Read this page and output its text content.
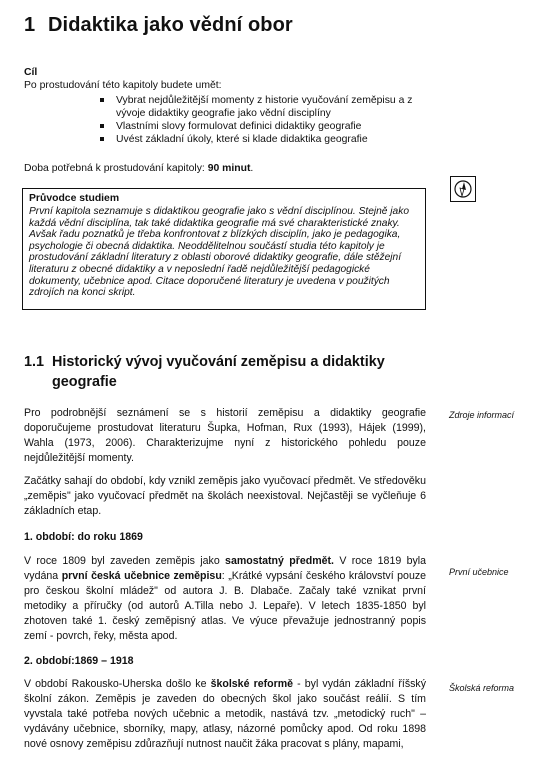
1 Didaktika jako vědní obor
Cíl
Po prostudování této kapitoly budete umět:
Vybrat nejdůležitější momenty z historie vyučování zeměpisu a z vývoje didaktiky geografie jako vědní disciplíny
Vlastními slovy formulovat definici didaktiky geografie
Uvést základní úkoly, které si klade didaktika geografie
Doba potřebná k prostudování kapitoly: 90 minut.
Průvodce studiem
První kapitola seznamuje s didaktikou geografie jako s vědní disciplínou. Stejně jako každá vědní disciplína, tak také didaktika geografie má své charakteristické znaky. Avšak řadu poznatků je třeba konfrontovat z blízkých disciplín, jako je pedagogika, psychologie či obecná didaktika. Neoddělitelnou součástí studia této kapitoly je prostudování základní literatury z oblasti oborové didaktiky geografie, dále stěžejní literaturu z obecné didaktiky a v neposlední řadě nejdůležitější pedagogické dokumenty, učebnice apod. Citace doporučené literatury je uvedena v použitých zdrojích na konci skript.
1.1 Historický vývoj vyučování zeměpisu a didaktiky geografie

Pro podrobnější seznámení se s historií zeměpisu a didaktiky geografie doporučujeme prostudovat literaturu Šupka, Hofman, Rux (1993), Hájek (1999), Wahla (1973, 2006). Charakterizujme nyní z historického pohledu pouze nejdůležitější momenty.

Zdroje informací

Začátky sahají do období, kdy vznikl zeměpis jako vyučovací předmět. Ve středověku „zeměpis" jako vyučovací předmět na školách neexistoval. Nejčastěji se vyčleňuje 6 základních etap.

1. období: do roku 1869

V roce 1809 byl zaveden zeměpis jako samostatný předmět. V roce 1819 byla vydána první česká učebnice zeměpisu: „Krátké vypsání českého království pouze pro českou školní mládež" od autora J. B. Dlabače. Začaly také vznikat první metodiky a příručky (od autorů A.Tilla nebo J. Lepaře). V letech 1835-1850 byl zhotoven také 1. český zeměpisný atlas. Ve výuce převažuje jednostranný popis zemí - povrch, řeky, města apod.

První učebnice
2. období:1869 – 1918

V období Rakousko-Uherska došlo ke školské reformě - byl vydán základní říšský školní zákon. Zeměpis je zaveden do obecných škol jako součást reálií. S tím vyvstala také potřeba nových učebnic a metodik, nastává tzv. „metodický ruch" – vydávány učebnice, sborníky, mapy, atlasy, názorné pomůcky apod. Od roku 1898 nové osnovy zeměpisu zdůrazňují nutnost naučit žáka pracovat s plány, mapami,

Školská reforma
